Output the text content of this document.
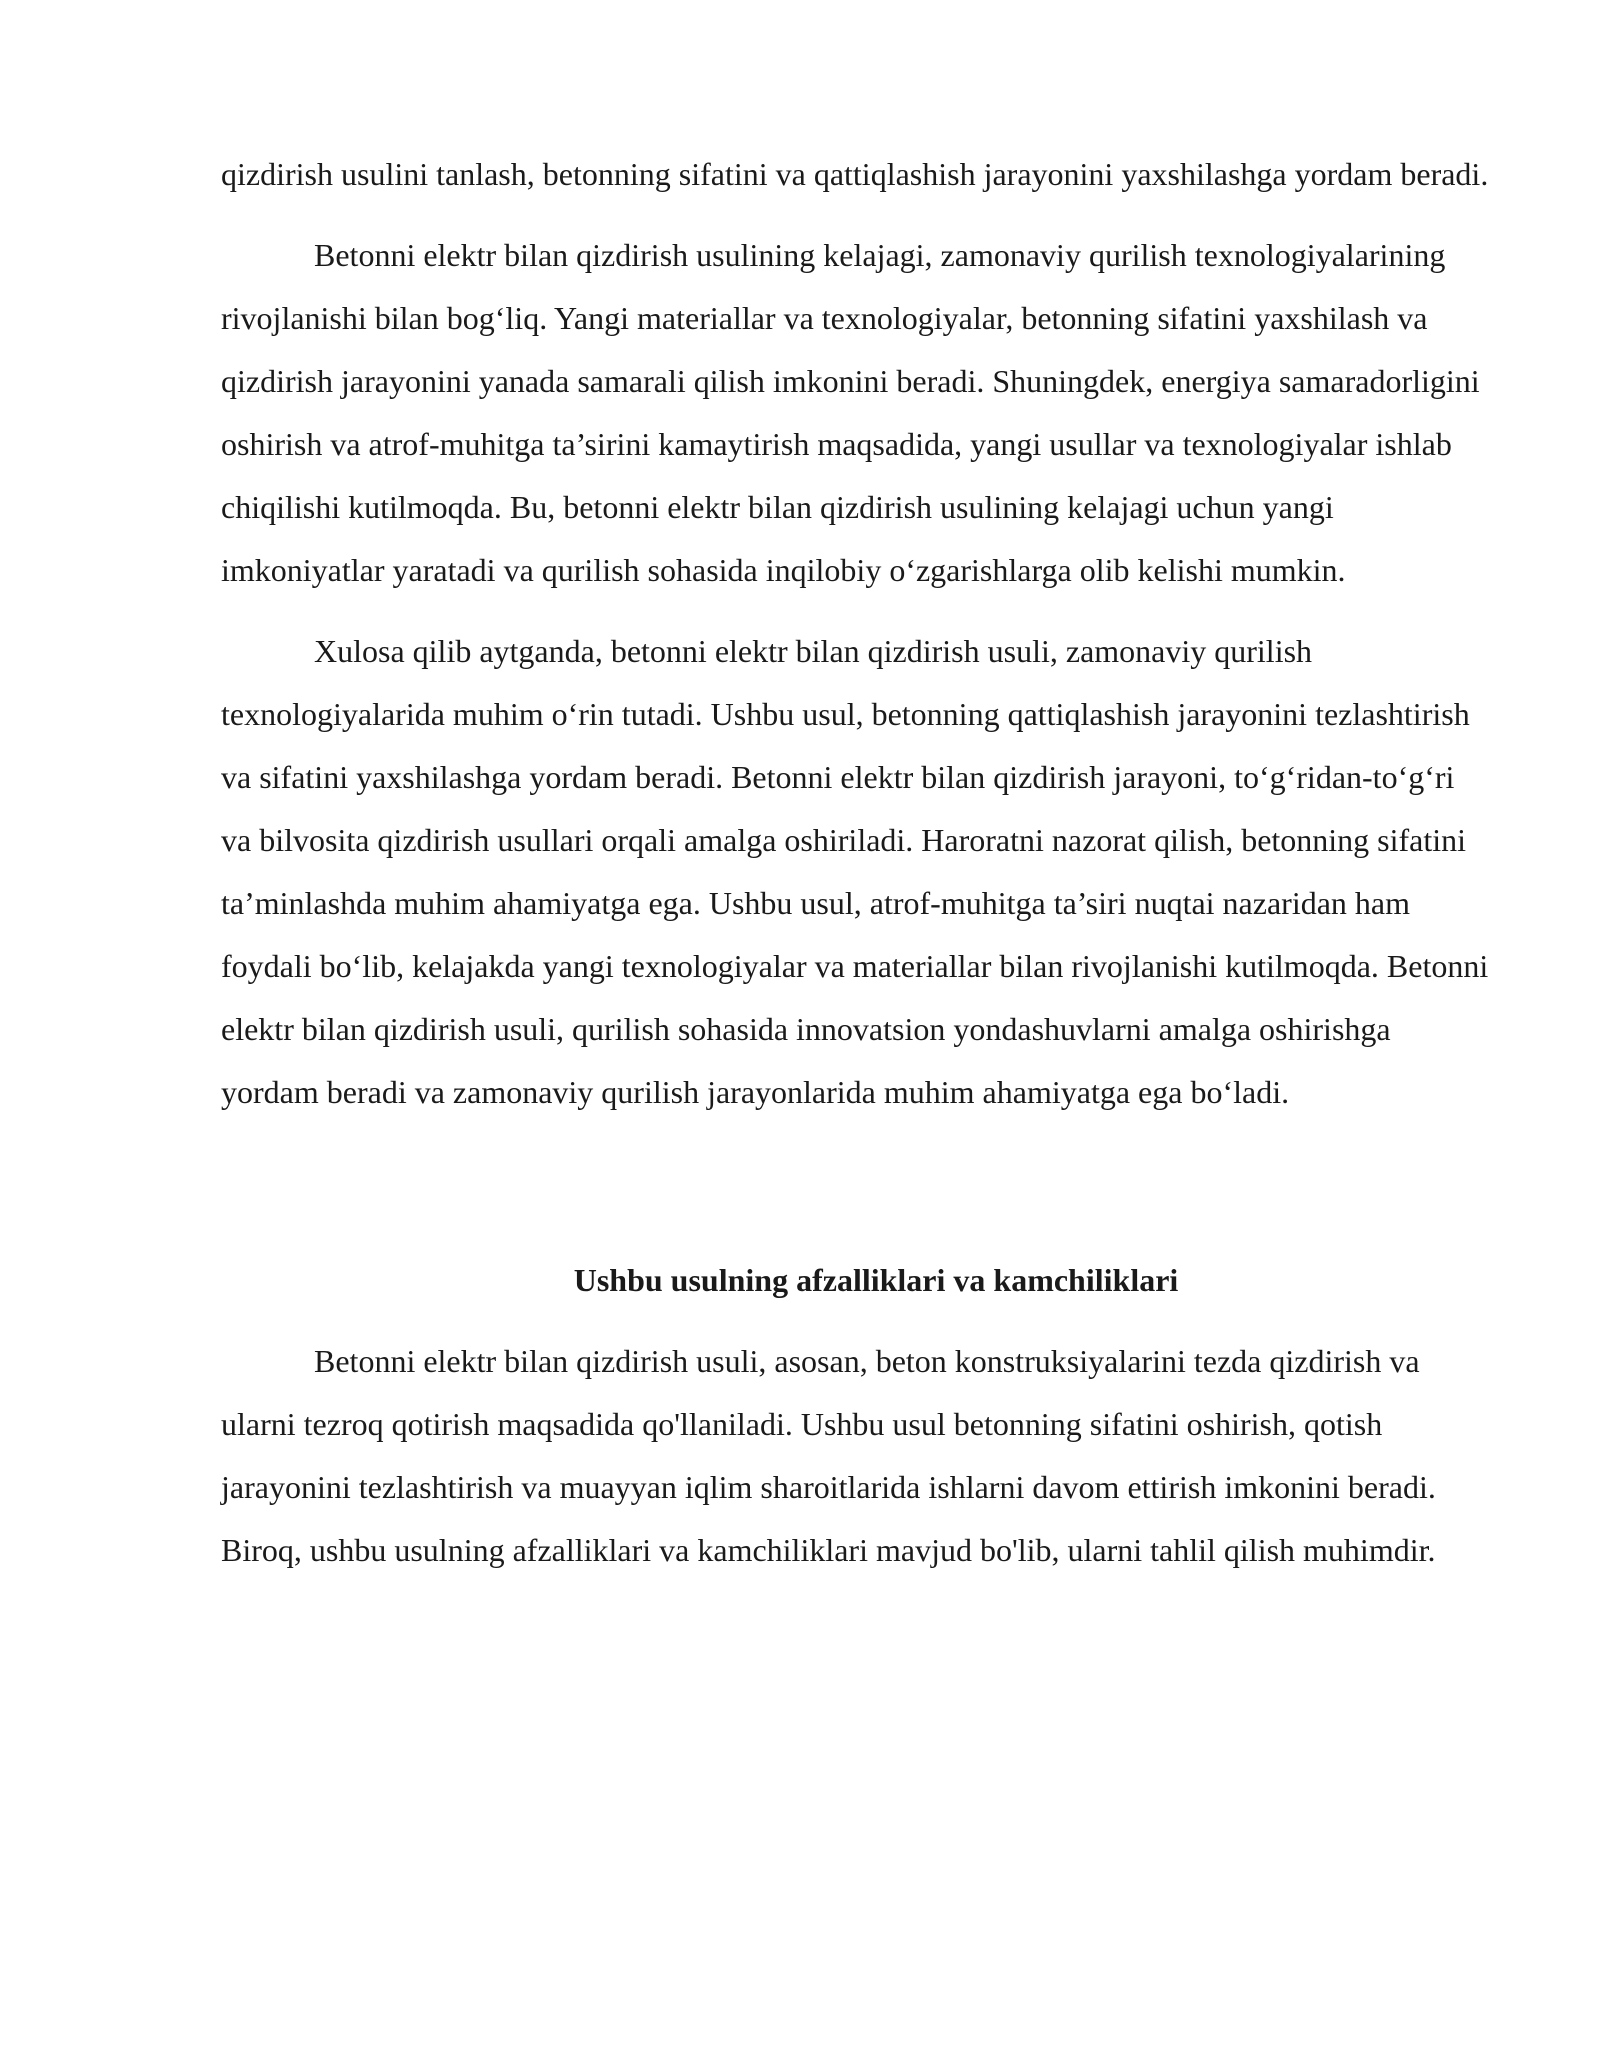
qizdirish usulini tanlash, betonning sifatini va qattiqlashish jarayonini yaxshilashga yordam beradi.

Betonni elektr bilan qizdirish usulining kelajagi, zamonaviy qurilish texnologiyalarining rivojlanishi bilan bog‘liq. Yangi materiallar va texnologiyalar, betonning sifatini yaxshilash va qizdirish jarayonini yanada samarali qilish imkonini beradi. Shuningdek, energiya samaradorligini oshirish va atrof-muhitga ta’sirini kamaytirish maqsadida, yangi usullar va texnologiyalar ishlab chiqilishi kutilmoqda. Bu, betonni elektr bilan qizdirish usulining kelajagi uchun yangi imkoniyatlar yaratadi va qurilish sohasida inqilobiy o‘zgarishlarga olib kelishi mumkin.

Xulosa qilib aytganda, betonni elektr bilan qizdirish usuli, zamonaviy qurilish texnologiyalarida muhim o‘rin tutadi. Ushbu usul, betonning qattiqlashish jarayonini tezlashtirish va sifatini yaxshilashga yordam beradi. Betonni elektr bilan qizdirish jarayoni, to‘g‘ridan-to‘g‘ri va bilvosita qizdirish usullari orqali amalga oshiriladi. Haroratni nazorat qilish, betonning sifatini ta’minlashda muhim ahamiyatga ega. Ushbu usul, atrof-muhitga ta’siri nuqtai nazaridan ham foydali bo‘lib, kelajakda yangi texnologiyalar va materiallar bilan rivojlanishi kutilmoqda. Betonni elektr bilan qizdirish usuli, qurilish sohasida innovatsion yondashuvlarni amalga oshirishga yordam beradi va zamonaviy qurilish jarayonlarida muhim ahamiyatga ega bo‘ladi.

Ushbu usulning afzalliklari va kamchiliklari

Betonni elektr bilan qizdirish usuli, asosan, beton konstruksiyalarini tezda qizdirish va ularni tezroq qotirish maqsadida qo'llaniladi. Ushbu usul betonning sifatini oshirish, qotish jarayonini tezlashtirish va muayyan iqlim sharoitlarida ishlarni davom ettirish imkonini beradi. Biroq, ushbu usulning afzalliklari va kamchiliklari mavjud bo'lib, ularni tahlil qilish muhimdir.
